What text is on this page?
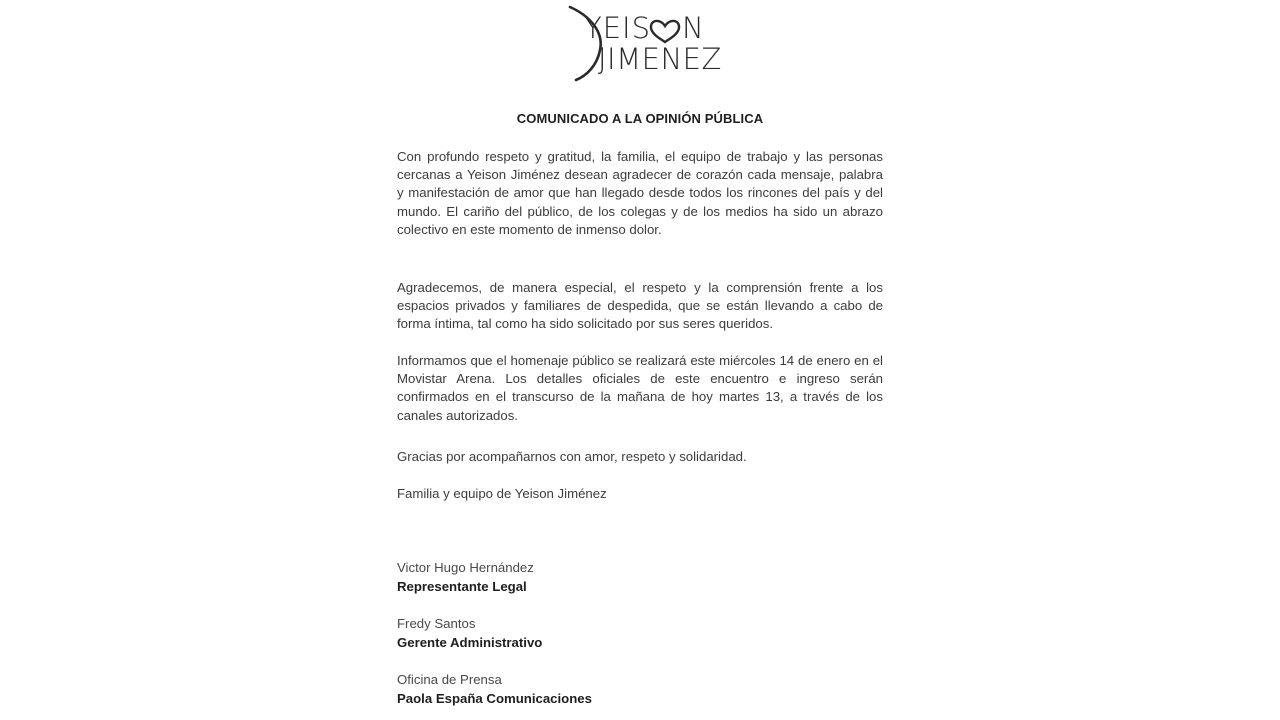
YEIS N
JIMENEZ
COMUNICADO A LA OPINIÓN PÚBLICA
Con profundo respeto y gratitud, la familia, el equipo de trabajo y las personas cercanas a Yeison Jiménez desean agradecer de corazón cada mensaje, palabra y manifestación de amor que han llegado desde todos los rincones del país y del mundo. El cariño del público, de los colegas y de los medios ha sido un abrazo colectivo en este momento de inmenso dolor.
Agradecemos, de manera especial, el respeto y la comprensión frente a los espacios privados y familiares de despedida, que se están llevando a cabo de forma íntima, tal como ha sido solicitado por sus seres queridos.
Informamos que el homenaje público se realizará este miércoles 14 de enero en el Movistar Arena. Los detalles oficiales de este encuentro e ingreso serán confirmados en el transcurso de la mañana de hoy martes 13, a través de los canales autorizados.
Gracias por acompañarnos con amor, respeto y solidaridad.
Familia y equipo de Yeison Jiménez
Victor Hugo Hernández
Representante Legal
Fredy Santos
Gerente Administrativo
Oficina de Prensa
Paola España Comunicaciones
